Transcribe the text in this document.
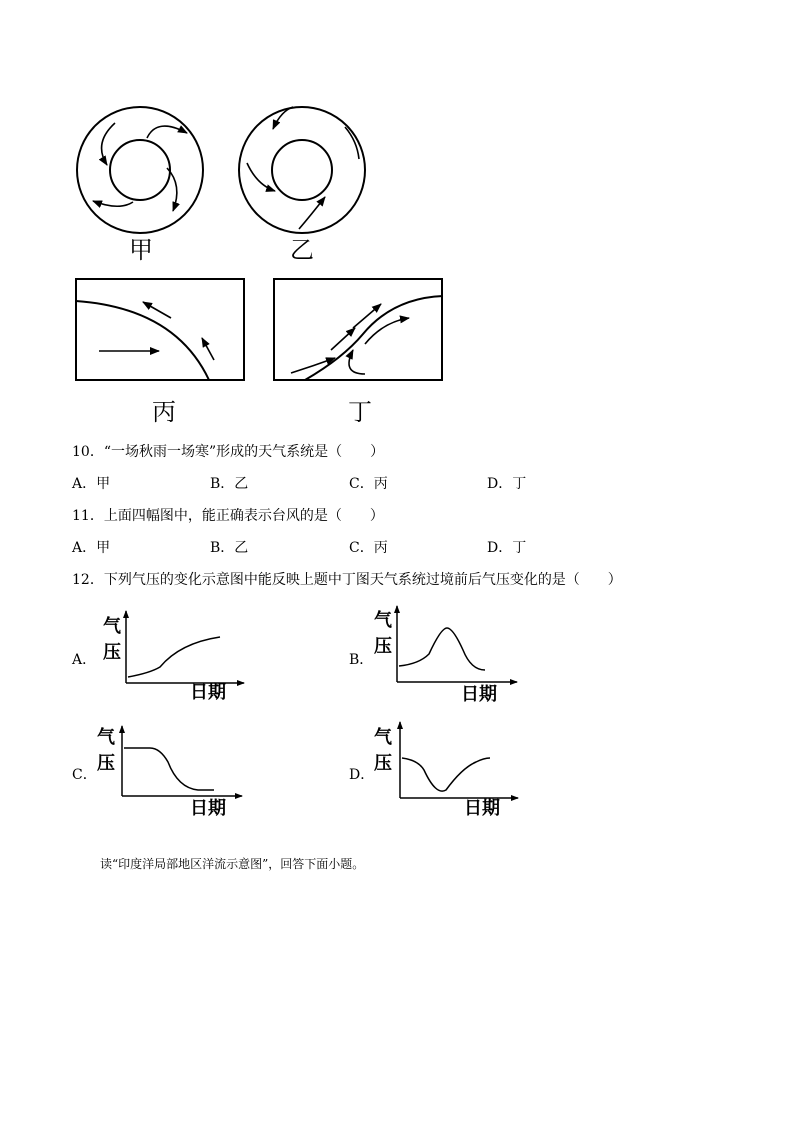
甲	乙
丙	丁
10．“一场秋雨一场寒”形成的天气系统是（　　）
A．甲	B．乙	C．丙	D．丁
11．上面四幅图中，能正确表示台风的是（　　）
A．甲	B．乙	C．丙	D．丁
12．下列气压的变化示意图中能反映上题中丁图天气系统过境前后气压变化的是（　　）
A．
气
压
日期
B．
气
压
日期
C．
气
压
日期
D．
气
压
日期
读“印度洋局部地区洋流示意图”，回答下面小题。
